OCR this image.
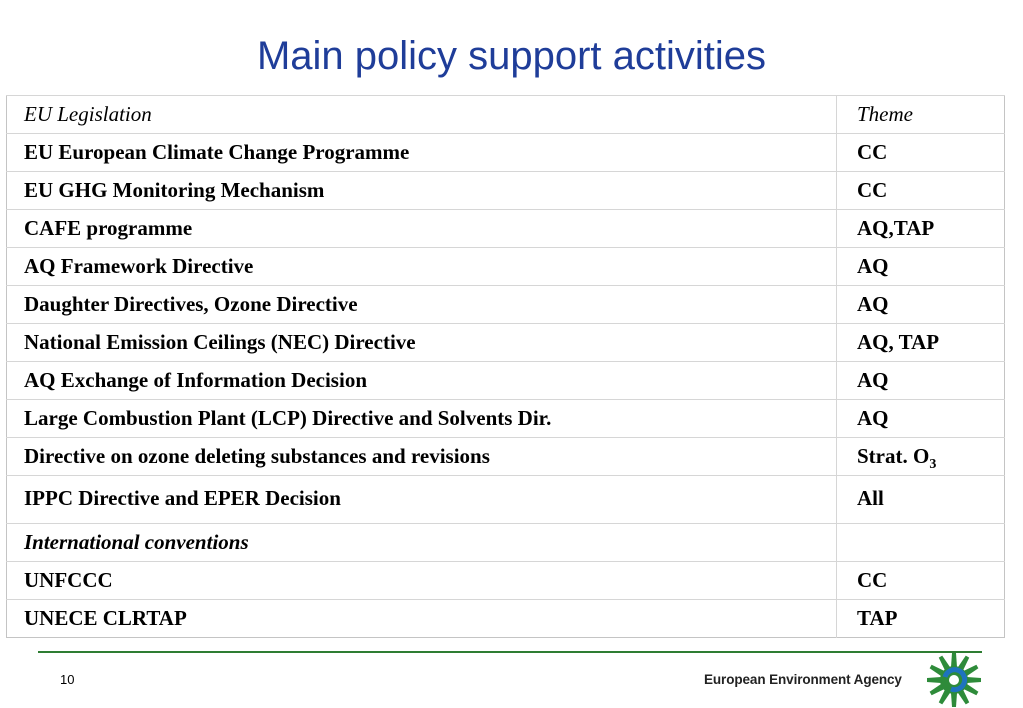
Main policy support activities
EU Legislation	Theme
EU European Climate Change Programme	CC
EU GHG Monitoring Mechanism	CC
CAFE programme	AQ,TAP
AQ Framework Directive	AQ
Daughter Directives, Ozone Directive	AQ
National Emission Ceilings (NEC) Directive	AQ, TAP
AQ Exchange of Information Decision	AQ
Large Combustion Plant (LCP) Directive and Solvents Dir.	AQ
Directive on ozone deleting substances and revisions	Strat. $O_3$
IPPC Directive and EPER Decision	All
International conventions	
UNFCCC	CC
UNECE CLRTAP	TAP
10	European Environment Agency
